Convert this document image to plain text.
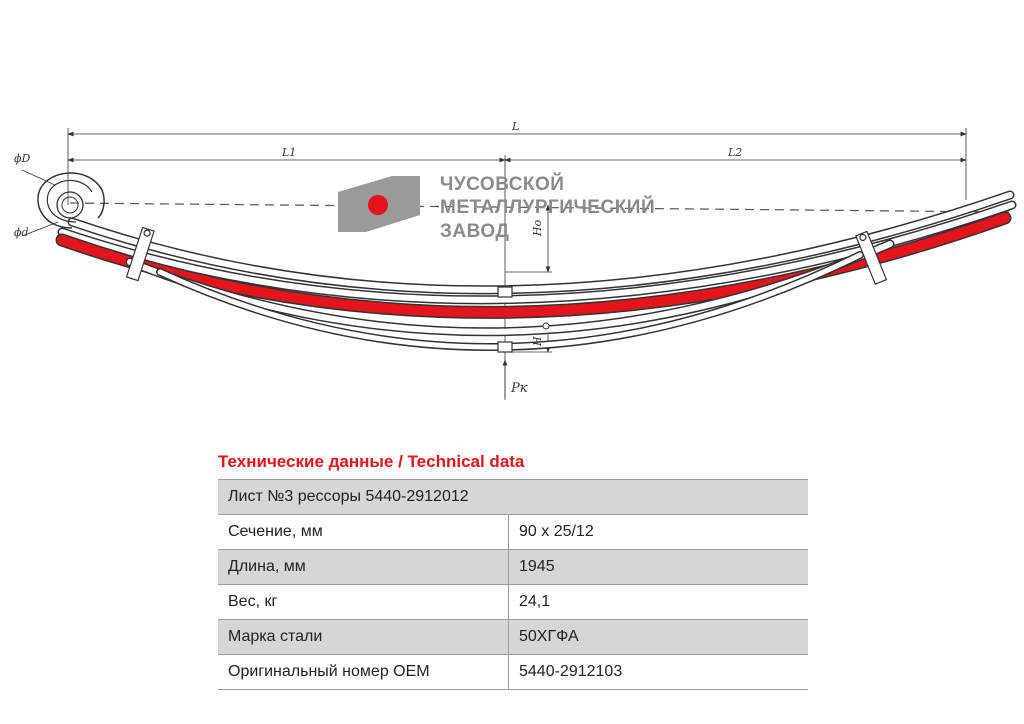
ЧУСОВСКОЙ
МЕТАЛЛУРГИЧЕСКИЙ
ЗАВОД
L
L1	L2
ϕD
ϕd	Ho
H
Pк
Технические данные / Technical data
Лист №3 рессоры 5440-2912012	
Сечение, мм	90 x 25/12
Длина, мм	1945
Вес, кг	24,1
Марка стали	50ХГФА
Оригинальный номер OEM	5440-2912103
